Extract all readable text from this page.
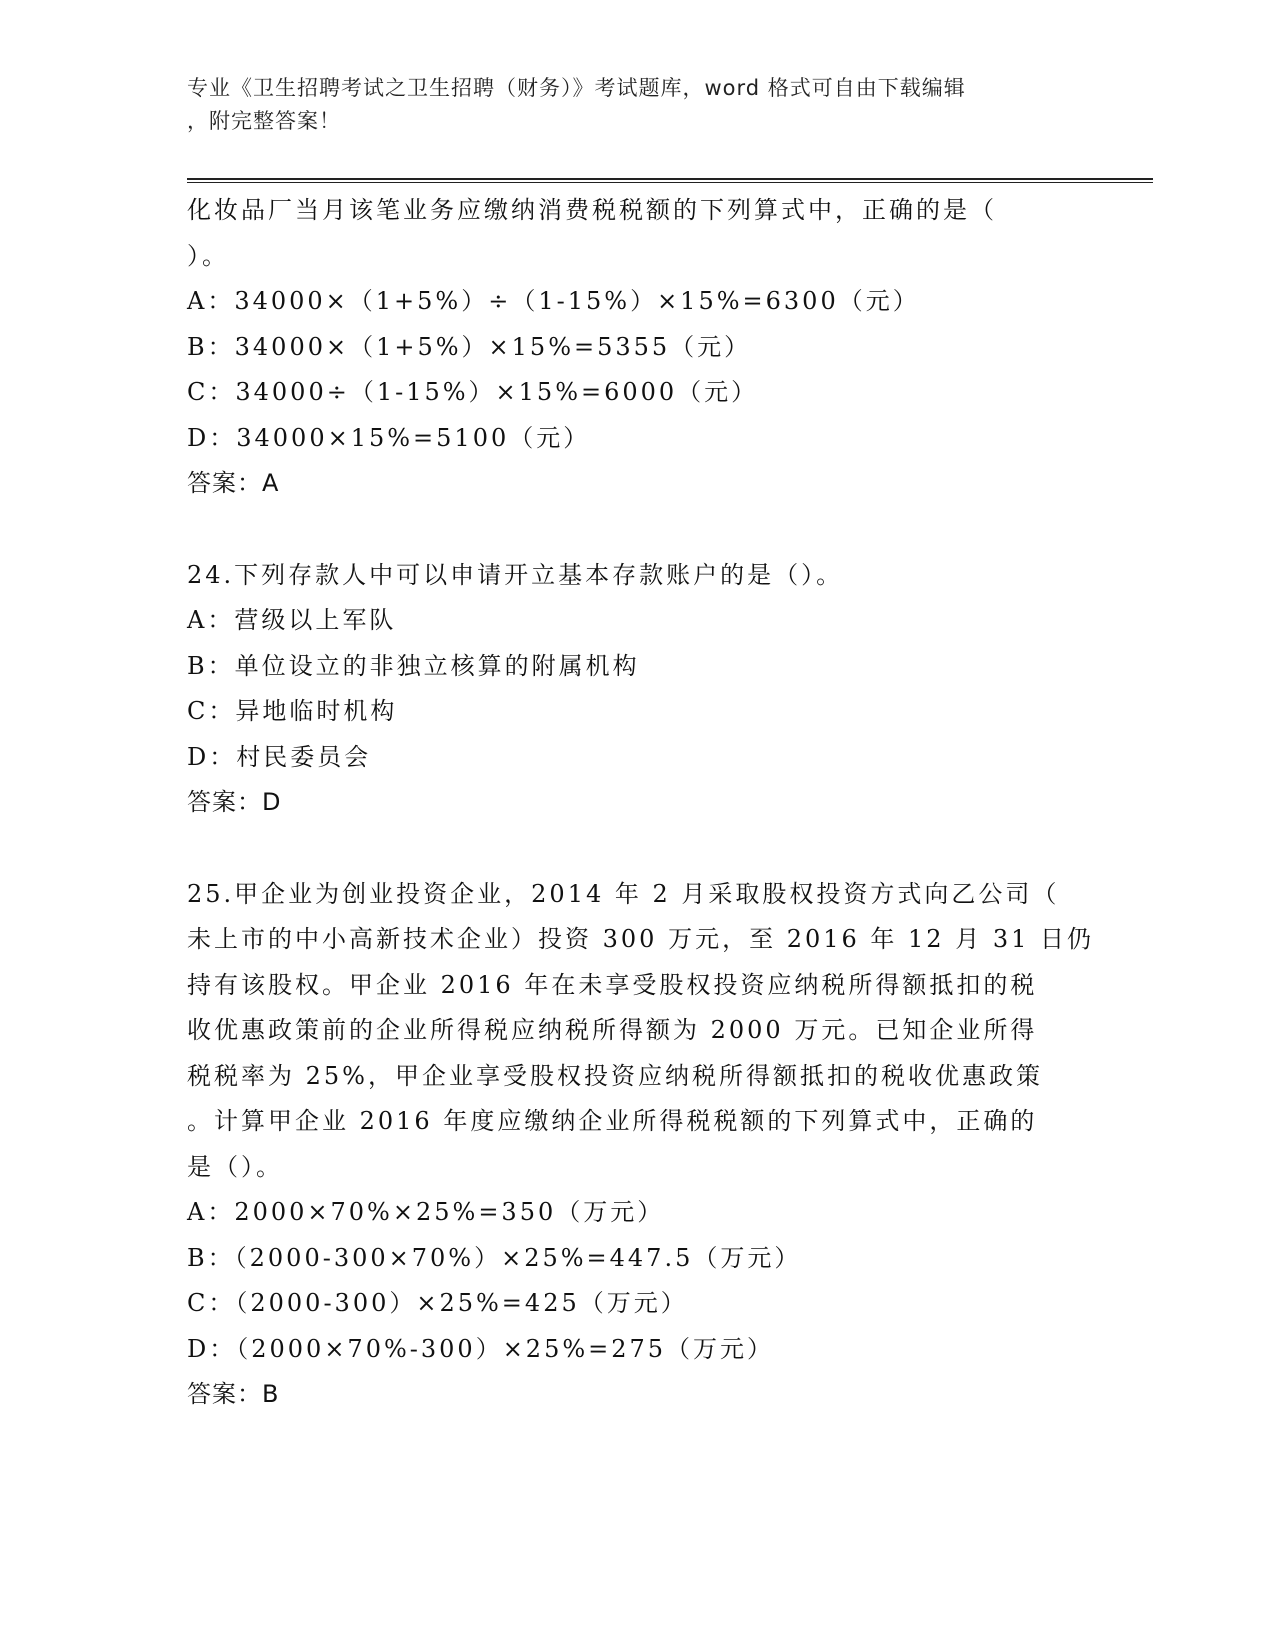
专业《卫生招聘考试之卫生招聘（财务）》考试题库，word 格式可自由下载编辑
，附完整答案！
化妆品厂当月该笔业务应缴纳消费税税额的下列算式中，正确的是（
）。
A：34000×（1+5%）÷（1-15%）×15%=6300（元）
B：34000×（1+5%）×15%=5355（元）
C：34000÷（1-15%）×15%=6000（元）
D：34000×15%=5100（元）
答案：A
24.下列存款人中可以申请开立基本存款账户的是（）。
A：营级以上军队
B：单位设立的非独立核算的附属机构
C：异地临时机构
D：村民委员会
答案：D
25.甲企业为创业投资企业，2014 年 2 月采取股权投资方式向乙公司（
未上市的中小高新技术企业）投资 300 万元，至 2016 年 12 月 31 日仍
持有该股权。甲企业 2016 年在未享受股权投资应纳税所得额抵扣的税
收优惠政策前的企业所得税应纳税所得额为 2000 万元。已知企业所得
税税率为 25%，甲企业享受股权投资应纳税所得额抵扣的税收优惠政策
。计算甲企业 2016 年度应缴纳企业所得税税额的下列算式中，正确的
是（）。
A：2000×70%×25%=350（万元）
B：（2000-300×70%）×25%=447.5（万元）
C：（2000-300）×25%=425（万元）
D：（2000×70%-300）×25%=275（万元）
答案：B
